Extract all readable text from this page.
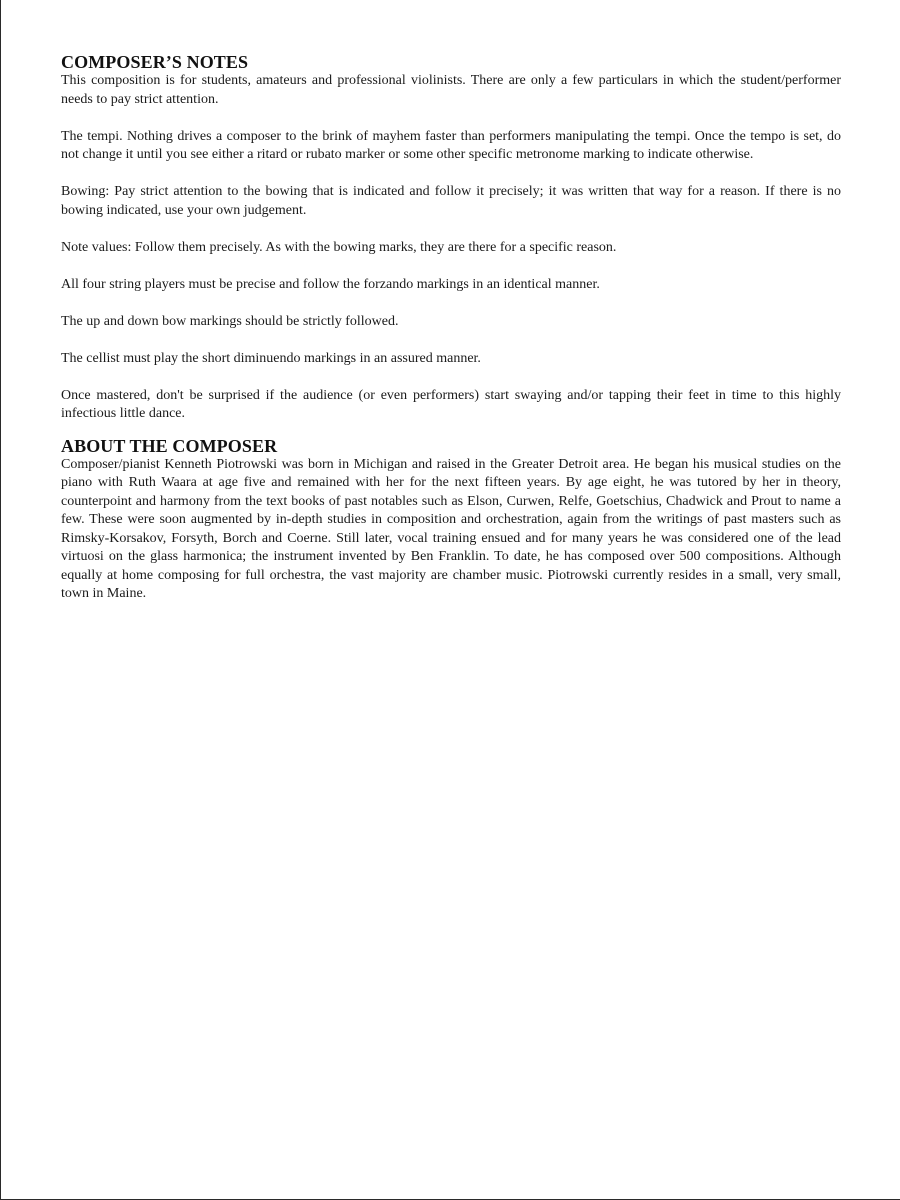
COMPOSER’S NOTES

This composition is for students, amateurs and professional violinists. There are only a few particulars in which the student/performer needs to pay strict attention.

The tempi. Nothing drives a composer to the brink of mayhem faster than performers manipulating the tempi. Once the tempo is set, do not change it until you see either a ritard or rubato marker or some other specific metronome marking to indicate otherwise.

Bowing: Pay strict attention to the bowing that is indicated and follow it precisely; it was written that way for a reason. If there is no bowing indicated, use your own judgement.

Note values: Follow them precisely. As with the bowing marks, they are there for a specific reason.

All four string players must be precise and follow the forzando markings in an identical manner.

The up and down bow markings should be strictly followed.

The cellist must play the short diminuendo markings in an assured manner.

Once mastered, don't be surprised if the audience (or even performers) start swaying and/or tapping their feet in time to this highly infectious little dance.

ABOUT THE COMPOSER

Composer/pianist Kenneth Piotrowski was born in Michigan and raised in the Greater Detroit area. He began his musical studies on the piano with Ruth Waara at age five and remained with her for the next fifteen years. By age eight, he was tutored by her in theory, counterpoint and harmony from the text books of past notables such as Elson, Curwen, Relfe, Goetschius, Chadwick and Prout to name a few. These were soon augmented by in-depth studies in composition and orchestration, again from the writings of past masters such as Rimsky-Korsakov, Forsyth, Borch and Coerne. Still later, vocal training ensued and for many years he was considered one of the lead virtuosi on the glass harmonica; the instrument invented by Ben Franklin. To date, he has composed over 500 compositions. Although equally at home composing for full orchestra, the vast majority are chamber music. Piotrowski currently resides in a small, very small, town in Maine.
